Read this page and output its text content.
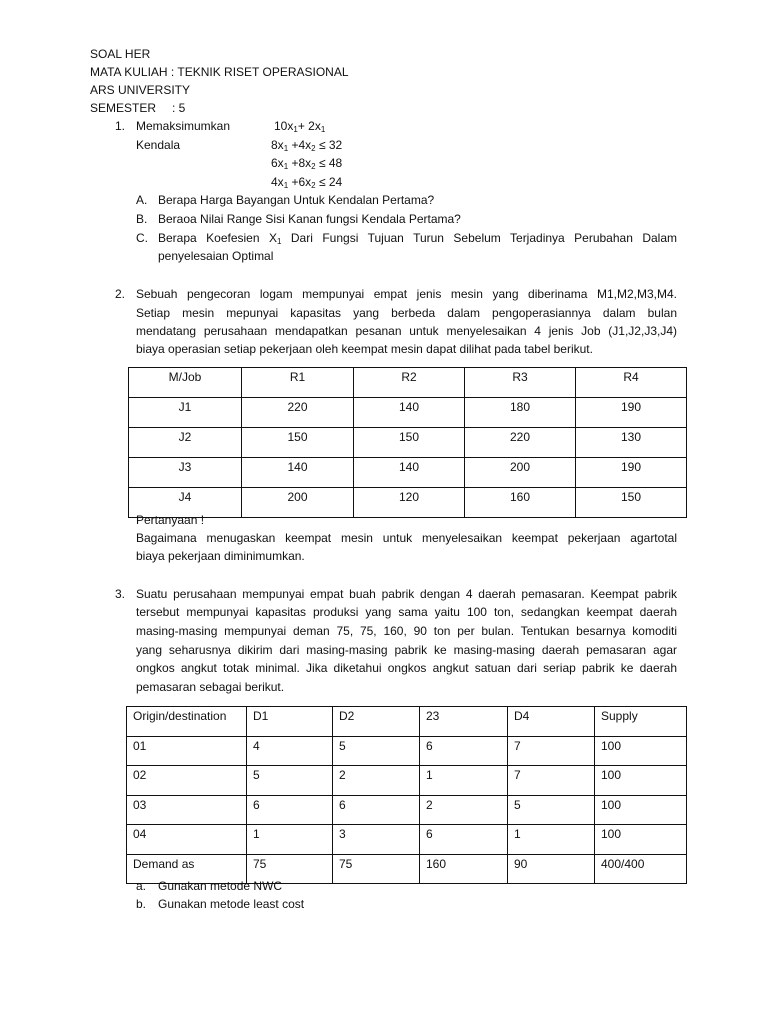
SOAL HER
MATA KULIAH : TEKNIK RISET OPERASIONAL
ARS UNIVERSITY
SEMESTER : 5
1. Memaksimumkan	$10x_1+ 2x_1$
Kendala	$8x_1 +4x_2 \le 32$
$6x_1 +8x_2 \le 48$
$4x_1 +6x_2 \le 24$
A. Berapa Harga Bayangan Untuk Kendalan Pertama?
B. Beraoa Nilai Range Sisi Kanan fungsi Kendala Pertama?
C. Berapa Koefesien $X_1$ Dari Fungsi Tujuan Turun Sebelum Terjadinya Perubahan Dalam
penyelesaian Optimal
2. Sebuah pengecoran logam mempunyai empat jenis mesin yang diberinama M1,M2,M3,M4.
Setiap mesin mepunyai kapasitas yang berbeda dalam pengoperasiannya dalam bulan
mendatang perusahaan mendapatkan pesanan untuk menyelesaikan 4 jenis Job (J1,J2,J3,J4)
biaya operasian setiap pekerjaan oleh keempat mesin dapat dilihat pada tabel berikut.
M/Job	R1	R2	R3	R4
J1	220	140	180	190
J2	150	150	220	130
J3	140	140	200	190
J4	200	120	160	150
Pertanyaan !
Bagaimana menugaskan keempat mesin untuk menyelesaikan keempat pekerjaan agartotal
biaya pekerjaan diminimumkan.
3. Suatu perusahaan mempunyai empat buah pabrik dengan 4 daerah pemasaran. Keempat pabrik
tersebut mempunyai kapasitas produksi yang sama yaitu 100 ton, sedangkan keempat daerah
masing-masing mempunyai deman 75, 75, 160, 90 ton per bulan. Tentukan besarnya komoditi
yang seharusnya dikirim dari masing-masing pabrik ke masing-masing daerah pemasaran agar
ongkos angkut totak minimal. Jika diketahui ongkos angkut satuan dari seriap pabrik ke daerah
pemasaran sebagai berikut.
Origin/destination	D1	D2	23	D4	Supply
01	4	5	6	7	100
02	5	2	1	7	100
03	6	6	2	5	100
04	1	3	6	1	100
Demand as	75	75	160	90	400/400
a. Gunakan metode NWC
b. Gunakan metode least cost
